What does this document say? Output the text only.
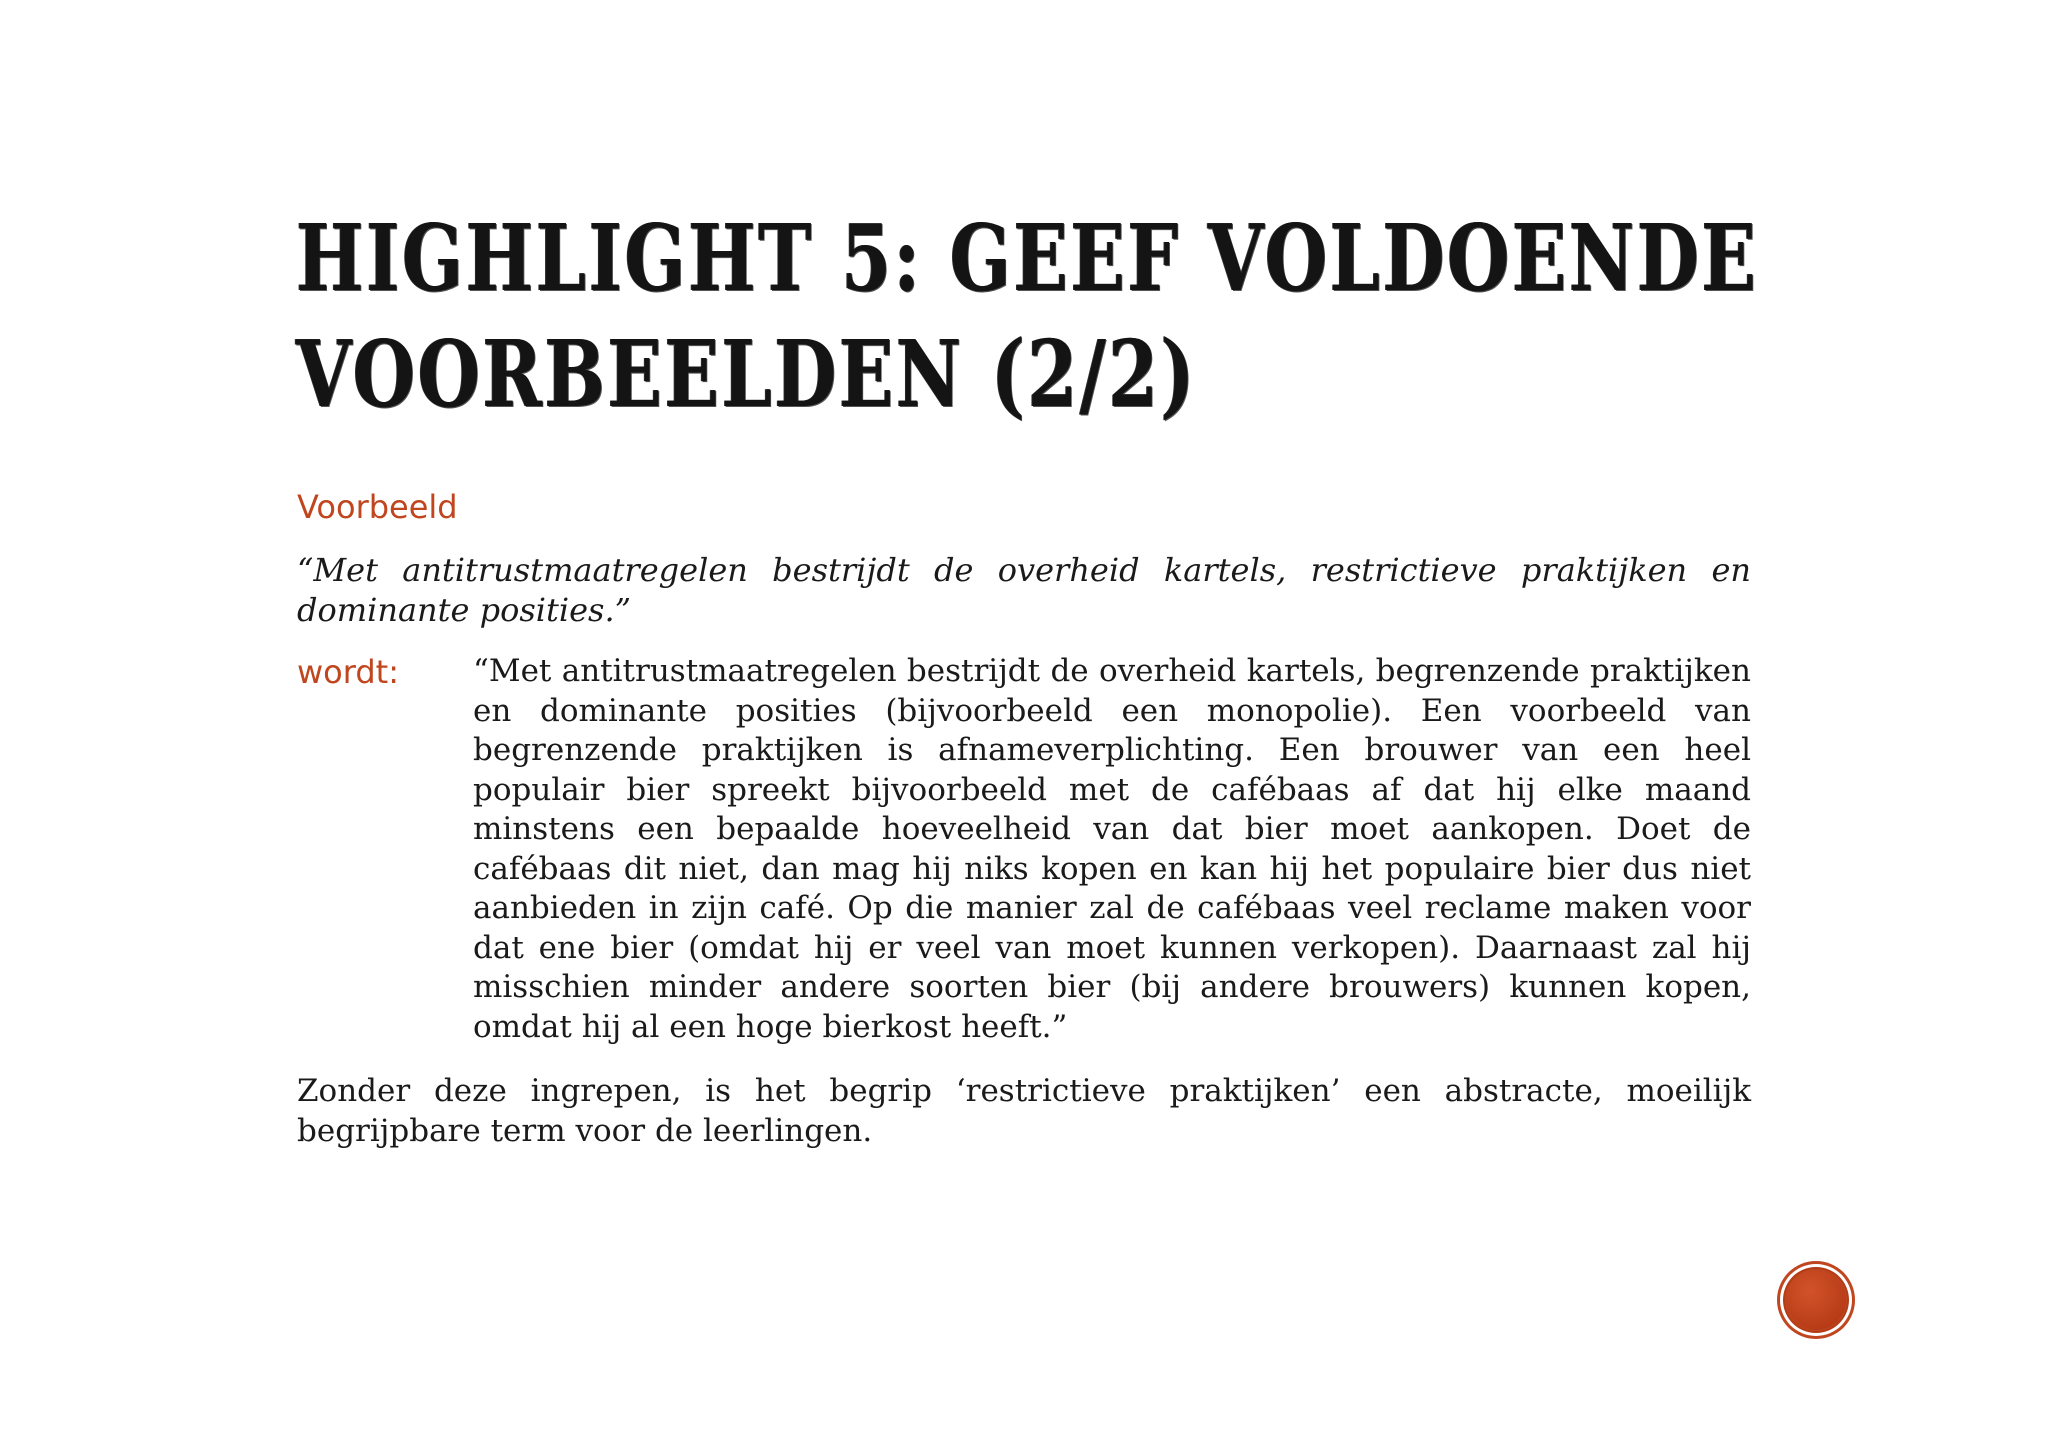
HIGHLIGHT 5: GEEF VOLDOENDE
VOORBEELDEN (2/2)
Voorbeeld

“Met antitrustmaatregelen bestrijdt de overheid kartels, restrictieve praktijken en dominante posities.”

wordt:	“Met antitrustmaatregelen bestrijdt de overheid kartels, begrenzende praktijken en dominante posities (bijvoorbeeld een monopolie). Een voorbeeld van begrenzende praktijken is afnameverplichting. Een brouwer van een heel populair bier spreekt bijvoorbeeld met de cafébaas af dat hij elke maand minstens een bepaalde hoeveelheid van dat bier moet aankopen. Doet de cafébaas dit niet, dan mag hij niks kopen en kan hij het populaire bier dus niet aanbieden in zijn café. Op die manier zal de cafébaas veel reclame maken voor dat ene bier (omdat hij er veel van moet kunnen verkopen). Daarnaast zal hij misschien minder andere soorten bier (bij andere brouwers) kunnen kopen, omdat hij al een hoge bierkost heeft.”

Zonder deze ingrepen, is het begrip ‘restrictieve praktijken’ een abstracte, moeilijk begrijpbare term voor de leerlingen.
